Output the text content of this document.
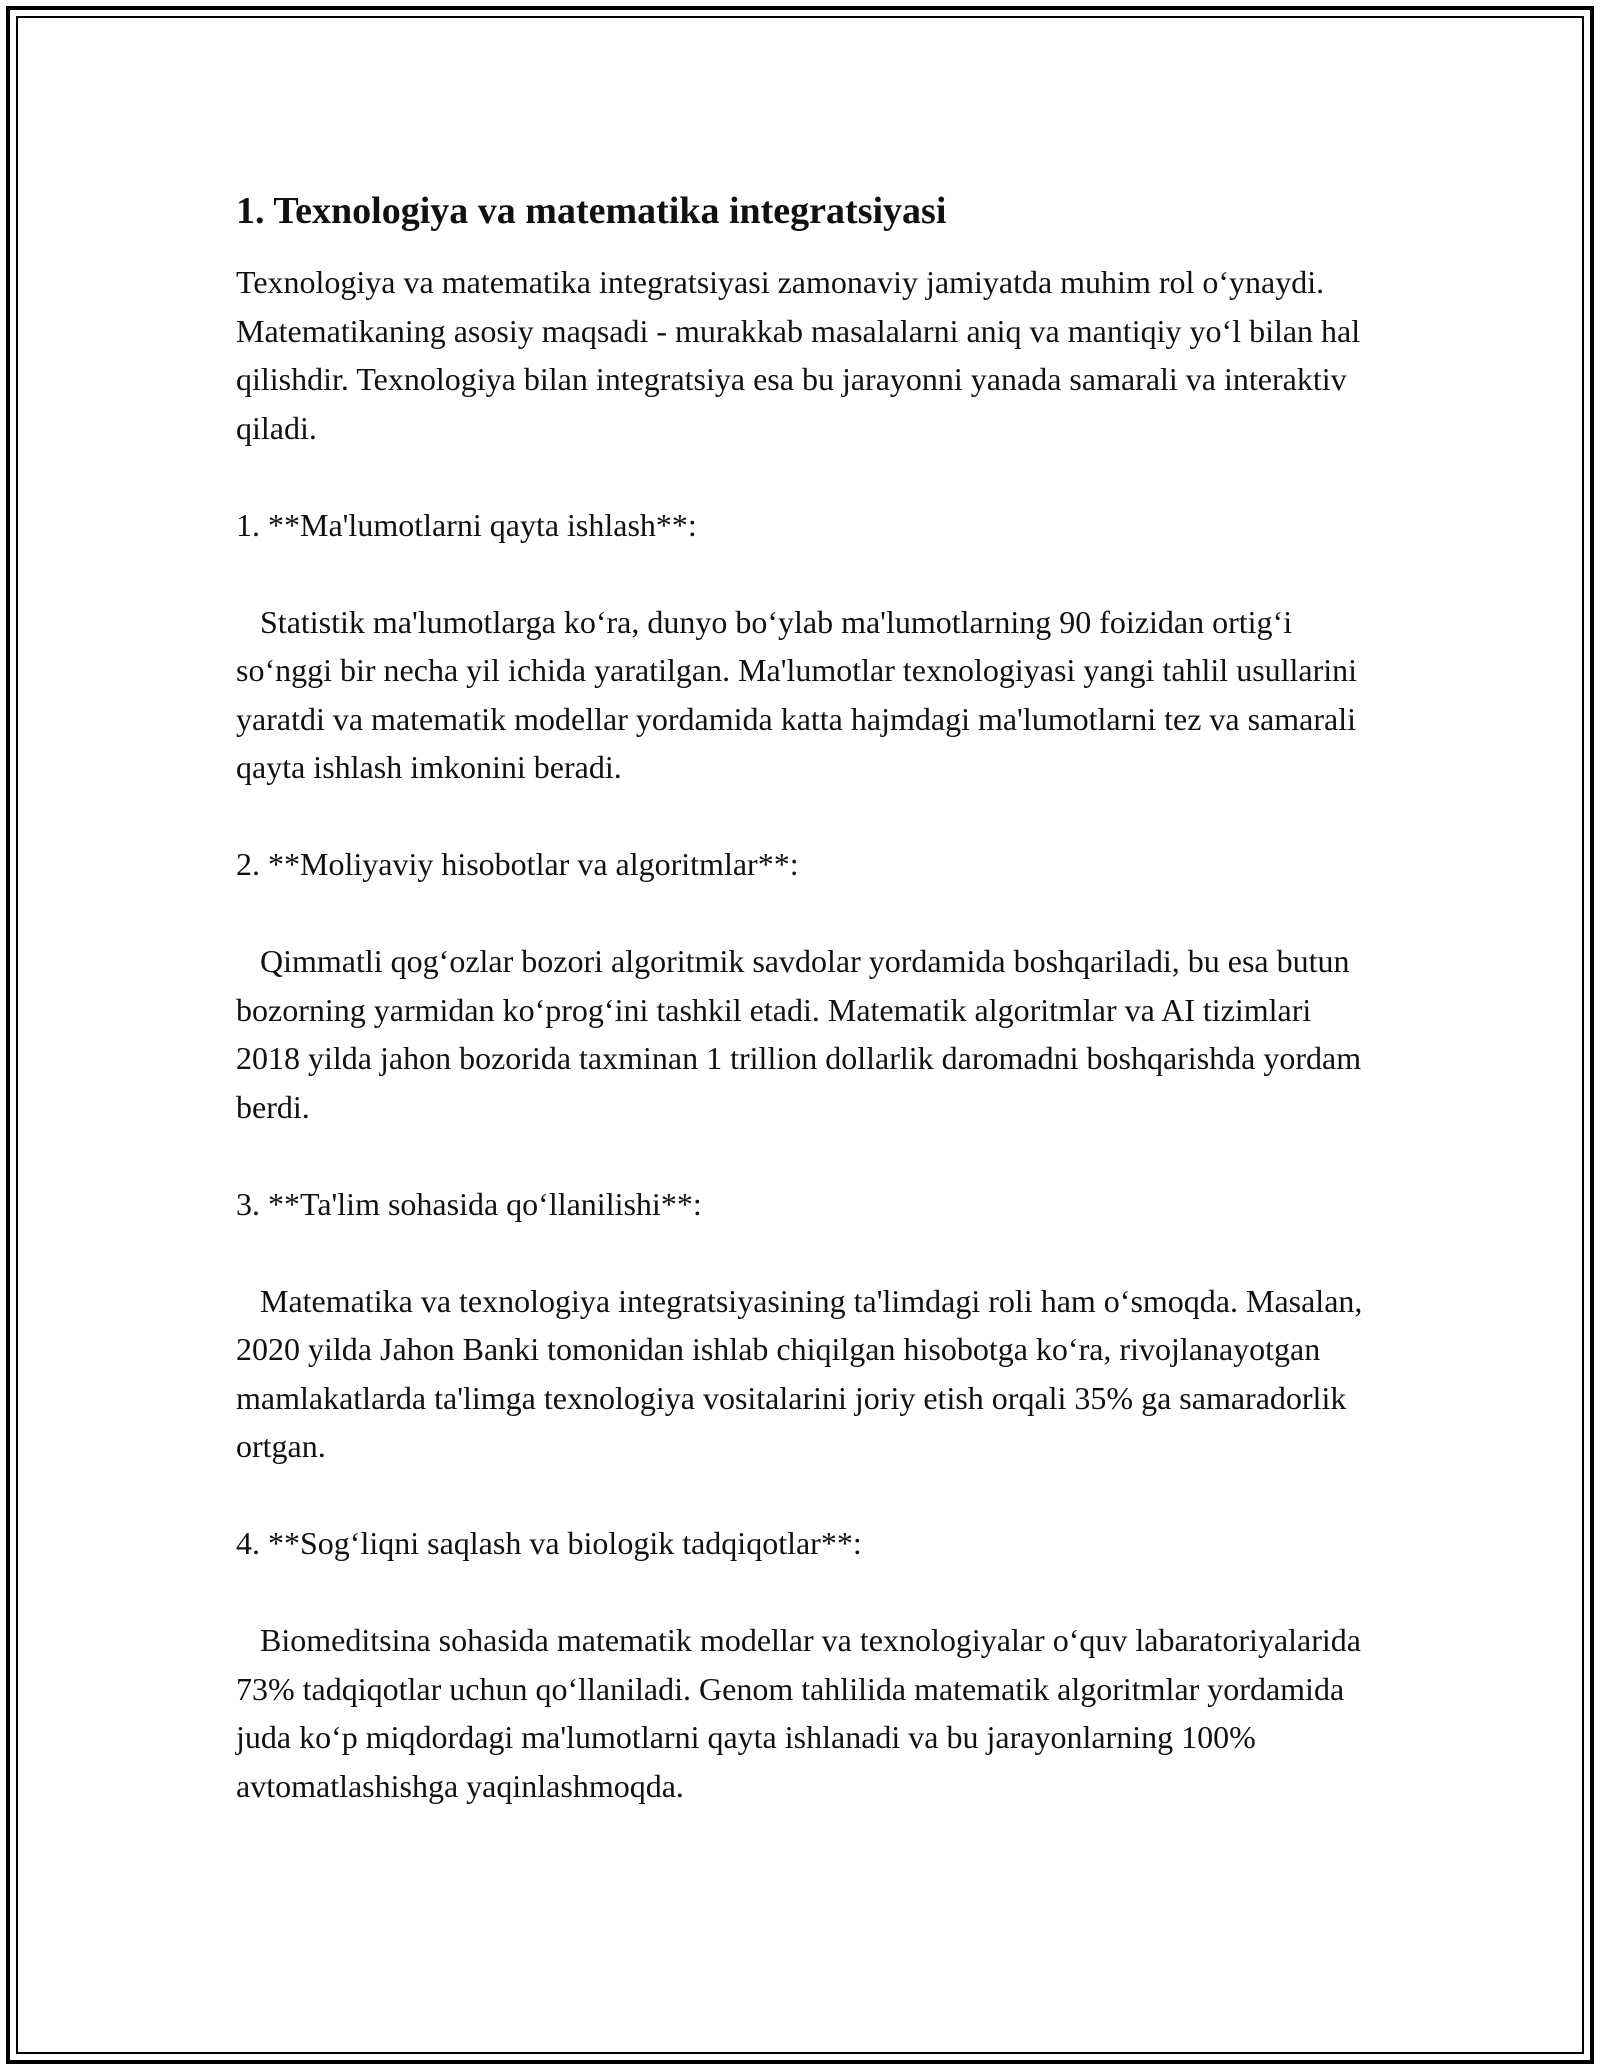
1. Texnologiya va matematika integratsiyasi

Texnologiya va matematika integratsiyasi zamonaviy jamiyatda muhim rol o‘ynaydi. Matematikaning asosiy maqsadi - murakkab masalalarni aniq va mantiqiy yo‘l bilan hal qilishdir. Texnologiya bilan integratsiya esa bu jarayonni yanada samarali va interaktiv qiladi.

1. **Ma'lumotlarni qayta ishlash**:

Statistik ma'lumotlarga ko‘ra, dunyo bo‘ylab ma'lumotlarning 90 foizidan ortig‘i so‘nggi bir necha yil ichida yaratilgan. Ma'lumotlar texnologiyasi yangi tahlil usullarini yaratdi va matematik modellar yordamida katta hajmdagi ma'lumotlarni tez va samarali qayta ishlash imkonini beradi.

2. **Moliyaviy hisobotlar va algoritmlar**:

Qimmatli qog‘ozlar bozori algoritmik savdolar yordamida boshqariladi, bu esa butun bozorning yarmidan ko‘prog‘ini tashkil etadi. Matematik algoritmlar va AI tizimlari 2018 yilda jahon bozorida taxminan 1 trillion dollarlik daromadni boshqarishda yordam berdi.

3. **Ta'lim sohasida qo‘llanilishi**:

Matematika va texnologiya integratsiyasining ta'limdagi roli ham o‘smoqda. Masalan, 2020 yilda Jahon Banki tomonidan ishlab chiqilgan hisobotga ko‘ra, rivojlanayotgan mamlakatlarda ta'limga texnologiya vositalarini joriy etish orqali 35% ga samaradorlik ortgan.

4. **Sog‘liqni saqlash va biologik tadqiqotlar**:

Biomeditsina sohasida matematik modellar va texnologiyalar o‘quv labaratoriyalarida 73% tadqiqotlar uchun qo‘llaniladi. Genom tahlilida matematik algoritmlar yordamida juda ko‘p miqdordagi ma'lumotlarni qayta ishlanadi va bu jarayonlarning 100% avtomatlashishga yaqinlashmoqda.
